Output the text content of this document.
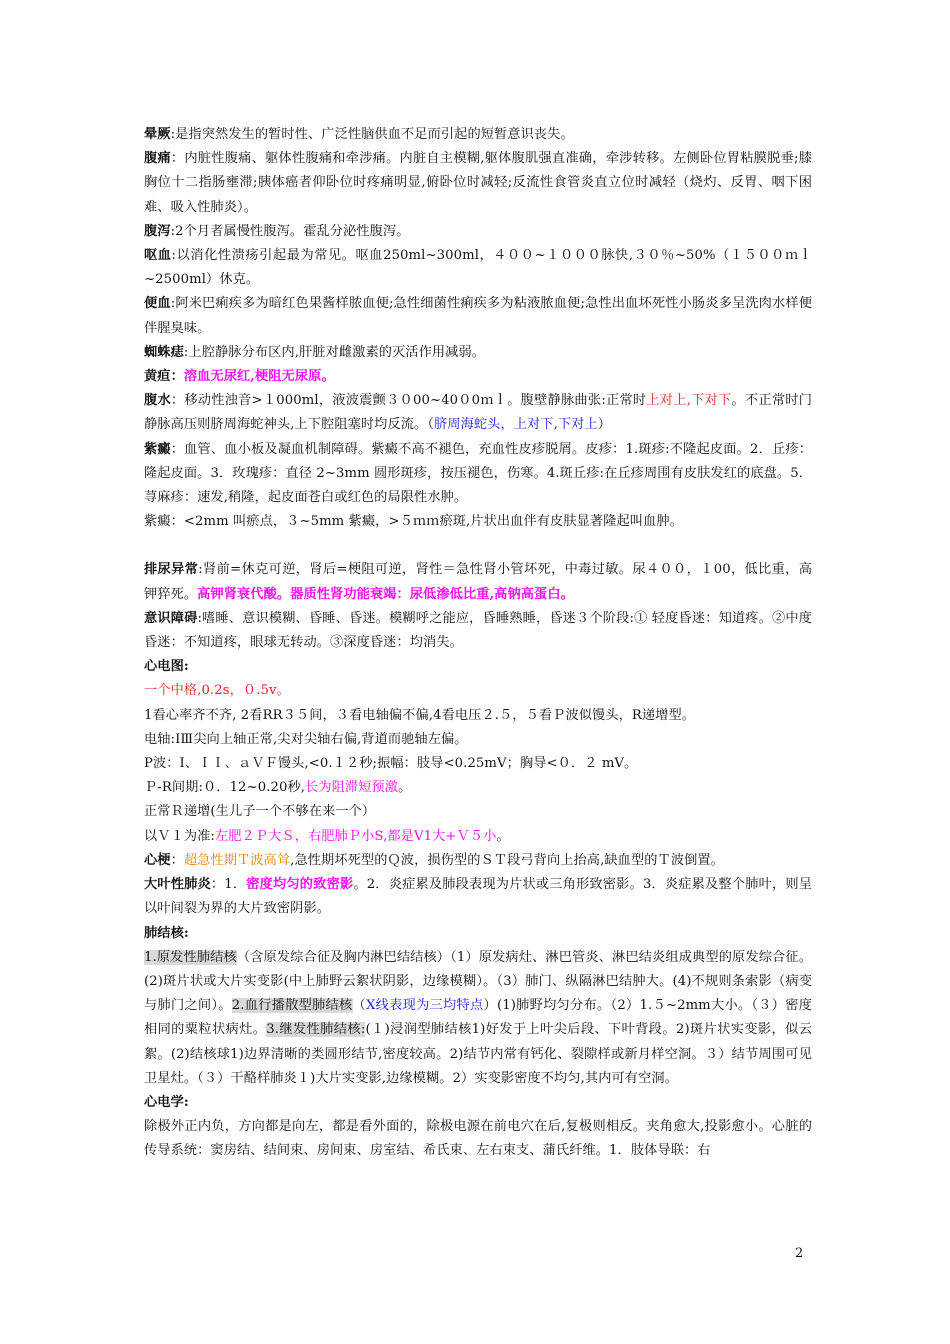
晕厥:是指突然发生的暂时性、广泛性脑供血不足而引起的短暂意识丧失。

腹痛：内脏性腹痛、躯体性腹痛和牵涉痛。内脏自主模糊,躯体腹肌强直准确，牵涉转移。左侧卧位胃粘膜脱垂;膝胸位十二指肠壅滞;胰体癌者仰卧位时疼痛明显,俯卧位时减轻;反流性食管炎直立位时减轻（烧灼、反胃、咽下困难、吸入性肺炎）。

腹泻:2个月者属慢性腹泻。霍乱分泌性腹泻。

呕血:以消化性溃疡引起最为常见。呕血250ml~300ml，４００~１０００脉快,３０％~50%（１５００ｍｌ~2500ml）休克。

便血:阿米巴痢疾多为暗红色果酱样脓血便;急性细菌性痢疾多为粘液脓血便;急性出血坏死性小肠炎多呈洗肉水样便伴腥臭味。

蜘蛛痣:上腔静脉分布区内,肝脏对雌激素的灭活作用减弱。

黄疸：溶血无尿红,梗阻无尿原。

腹水：移动性浊音>１000ml，液波震颤３０00~40０0ｍｌ。腹壁静脉曲张:正常时上对上,下对下。不正常时门静脉高压则脐周海蛇神头,上下腔阻塞时均反流。（脐周海蛇头，上对下,下对上）

紫癜：血管、血小板及凝血机制障碍。紫癜不高不褪色，充血性皮疹脱屑。皮疹：1.斑疹:不隆起皮面。2．丘疹：隆起皮面。3．玫瑰疹：直径 2~3mm 圆形斑疹，按压褪色，伤寒。4.斑丘疹:在丘疹周围有皮肤发红的底盘。5．荨麻疹：速发,稍隆，起皮面苍白或红色的局限性水肿。

紫癜：<2mm 叫瘀点，３~5mm 紫癜，>５ｍｍ瘀斑,片状出血伴有皮肤显著隆起叫血肿。

排尿异常:肾前=休克可逆，肾后=梗阻可逆，肾性＝急性肾小管坏死，中毒过敏。尿４００，１00，低比重，高钾猝死。高钾肾衰代酸。器质性肾功能衰竭：尿低渗低比重,高钠高蛋白。

意识障碍:嗜睡、意识模糊、昏睡、昏迷。模糊呼之能应，昏睡熟睡，昏迷３个阶段:① 轻度昏迷：知道疼。②中度昏迷：不知道疼，眼球无转动。③深度昏迷：均消失。

心电图:

一个中格,0.2s，０.5v。

1看心率齐不齐, 2看RR３５间，３看电轴偏不偏,4看电压２.５，５看Ｐ波似馒头，R递增型。

电轴:ⅠⅢ尖向上轴正常,尖对尖轴右偏,背道而驰轴左偏。

P波：I、ＩＩ、ａＶＦ馒头,<0.１２秒;振幅：肢导<0.25mV；胸导<０．２ mV。

Ｐ-R间期:０．12~0.20秒,长为阻滞短预激。

正常Ｒ递增(生儿子一个不够在来一个）

以Ｖ１为准:左肥２Ｐ大Ｓ，右肥肺Ｐ小S,都是V1大+Ｖ５小。

心梗：超急性期Ｔ波高耸,急性期坏死型的Ｑ波，损伤型的ＳＴ段弓背向上抬高,缺血型的Ｔ波倒置。

大叶性肺炎：1．密度均匀的致密影。2．炎症累及肺段表现为片状或三角形致密影。3．炎症累及整个肺叶，则呈以叶间裂为界的大片致密阴影。

肺结核:

1.原发性肺结核（含原发综合征及胸内淋巴结结核）（1）原发病灶、淋巴管炎、淋巴结炎组成典型的原发综合征。(2)斑片状或大片实变影(中上肺野云絮状阴影，边缘模糊）。（3）肺门、纵隔淋巴结肿大。(4)不规则条索影（病变与肺门之间）。2.血行播散型肺结核（X线表现为三均特点）(1)肺野均匀分布。（2）1.５~2mm大小。（３）密度相同的粟粒状病灶。3.继发性肺结核:(１)浸润型肺结核1)好发于上叶尖后段、下叶背段。2)斑片状实变影，似云絮。(2)结核球1)边界清晰的类圆形结节,密度较高。2)结节内常有钙化、裂隙样或新月样空洞。３）结节周围可见卫星灶。（３）干酪样肺炎１)大片实变影,边缘模糊。2）实变影密度不均匀,其内可有空洞。

心电学:

除极外正内负，方向都是向左，都是看外面的，除极电源在前电穴在后,复极则相反。夹角愈大,投影愈小。心脏的传导系统：窦房结、结间束、房间束、房室结、希氏束、左右束支、蒲氏纤维。1．肢体导联：右

2
